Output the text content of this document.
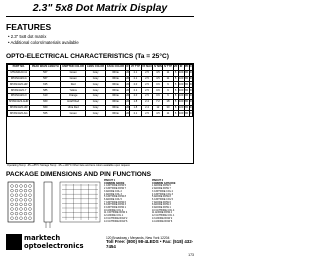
2.3" 5x8 Dot Matrix Display
FEATURES
• 2.3" 5x8 dot matrix
• Additional colors/materials available
OPTO-ELECTRICAL CHARACTERISTICS (Ta = 25°C)
PART NO.	PEAK WAVE LENGTH	EMITTED COLOR	LENS COLOR	FACE COLOR	IF	VF TYP	VF MAX	IV MIN	IV TYP	VR	IR	PD	θ
MTAN4123-11	567	Green	Gray	White	20	2.1	2.5	4.5	11	5	100	80	D
MTAN4123-G	567	Green	Gray	White	20	2.1	2.5	4.5	11	5	100	80	D
MTAN4123-HR	635	Red	Gray	White	20	2.0	2.5	3.6	9	5	100	80	D
MTAN4123-Y	585	Yellow	Gray	White	20	2.1	2.5	3.6	9	5	100	80	D
MTAN4123-O	610	Orange	Gray	White	20	2.0	2.5	3.6	9	5	100	80	D
MTAN4123-AHR	660	Hi-Eff Red	Gray	White	20	1.8	2.4	7.2	18	5	100	80	D
MTAN4123-UR	660	Ultra Red	Gray	White	20	1.8	2.4	12	30	5	100	80	D
MTAN4123-AG	565	Green	Gray	White	20	2.1	2.5	4.5	11	5	100	80	D
Operating Temp: -35~+85°C Storage Temp: -35~+100°C Other face and lens colors available upon request.
PACKAGE DIMENSIONS AND PIN FUNCTIONS
PINOUT 1
COMMON ANODE
1 CATHODE ROW 5
2 CATHODE ROW 7
3 ANODE COL 2
4 ANODE COL 3
5 CATHODE ROW 8
6 ANODE COL 5
7 CATHODE ROW 6
8 CATHODE ROW 3
9 CATHODE ROW 1
10 ANODE COL 4
11 CATHODE ROW 4
12 ANODE COL 1
13 CATHODE ROW 2
14 CATHODE ROW 6
PINOUT 2
COMMON CATHODE
1 ANODE ROW 5
2 ANODE ROW 7
3 CATHODE COL 2
4 CATHODE COL 3
5 ANODE ROW 8
6 CATHODE COL 5
7 ANODE ROW 6
8 ANODE ROW 3
9 ANODE ROW 1
10 CATHODE COL 4
11 ANODE ROW 4
12 CATHODE COL 1
13 ANODE ROW 2
14 ANODE ROW 6
marktech
optoelectronics
120 Broadway • Menands, New York 12204
Toll Free: (800) 98-4LEDS • Fax: (518) 432-7454
173
